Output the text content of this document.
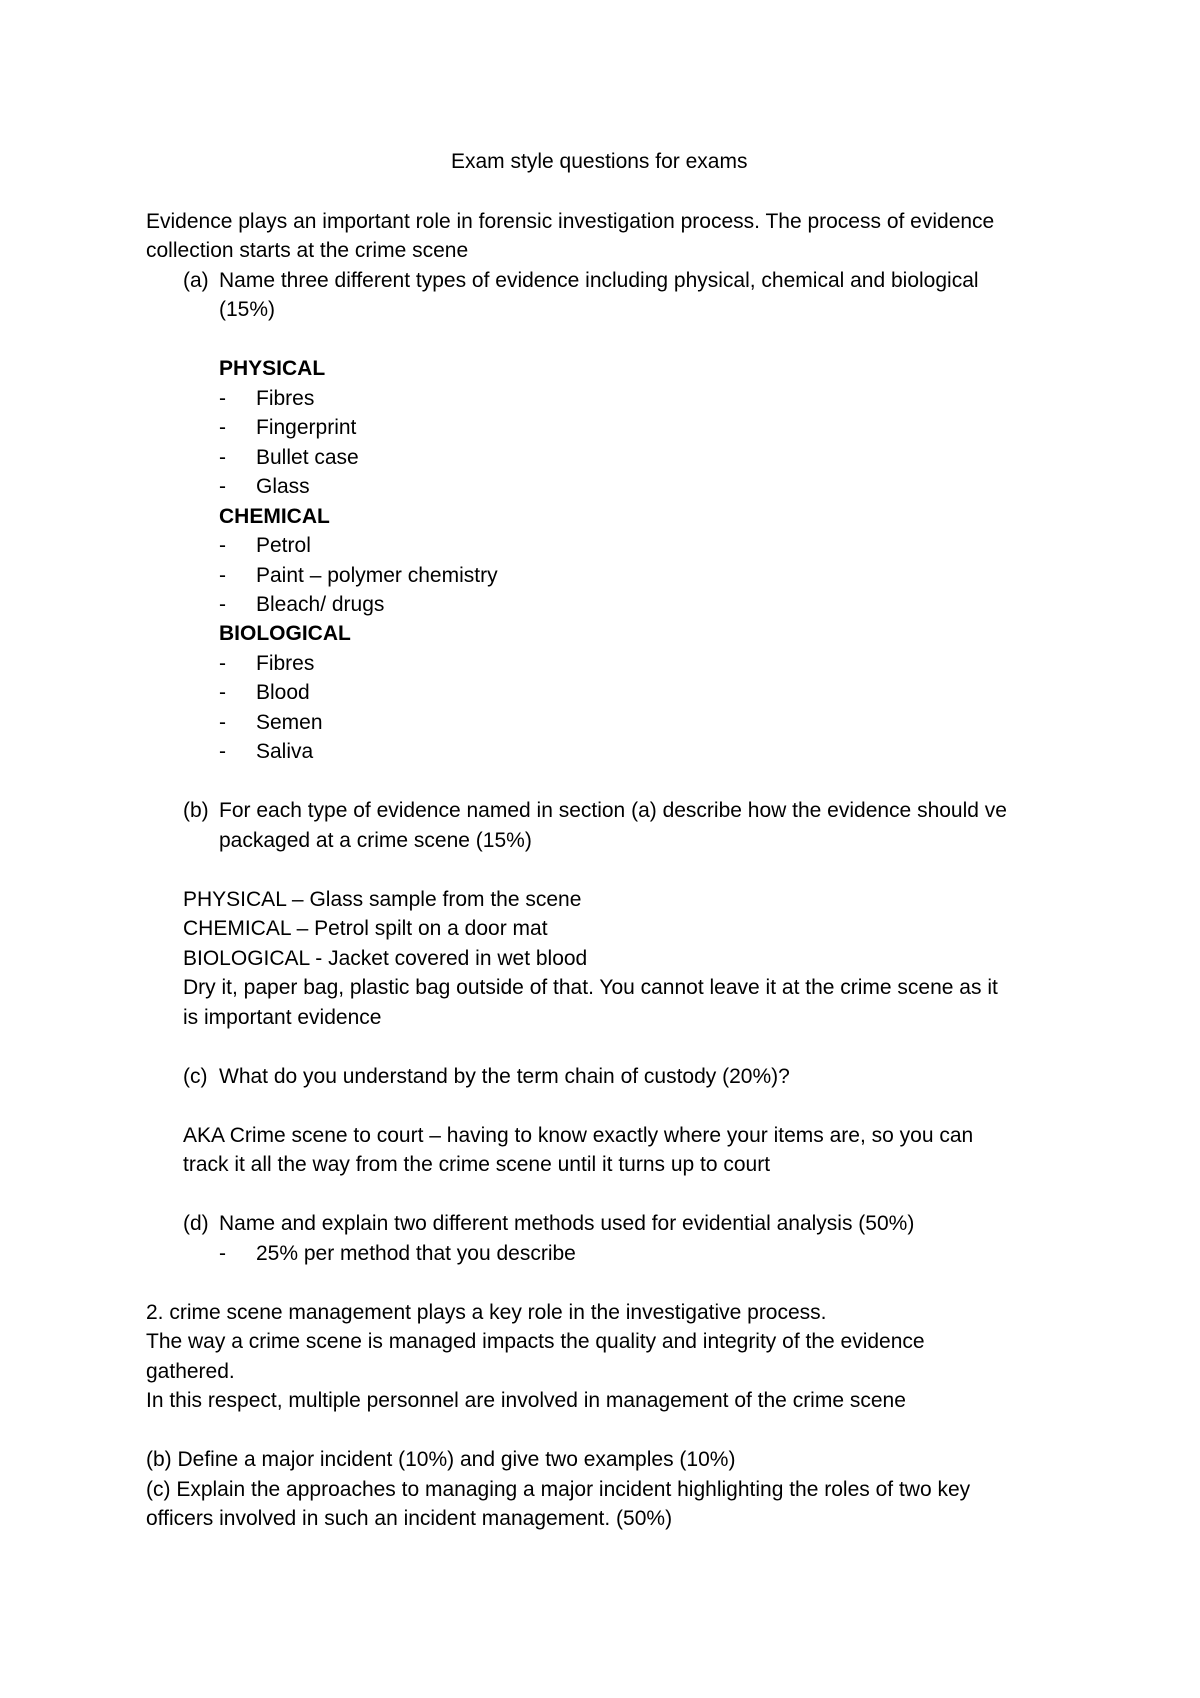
Exam style questions for exams
Evidence plays an important role in forensic investigation process. The process of evidence
collection starts at the crime scene
(a) Name three different types of evidence including physical, chemical and biological
(15%)
PHYSICAL
- Fibres
- Fingerprint
- Bullet case
- Glass
CHEMICAL
- Petrol
- Paint – polymer chemistry
- Bleach/ drugs
BIOLOGICAL
- Fibres
- Blood
- Semen
- Saliva
(b) For each type of evidence named in section (a) describe how the evidence should ve
packaged at a crime scene (15%)
PHYSICAL – Glass sample from the scene
CHEMICAL – Petrol spilt on a door mat
BIOLOGICAL - Jacket covered in wet blood
Dry it, paper bag, plastic bag outside of that. You cannot leave it at the crime scene as it
is important evidence
(c) What do you understand by the term chain of custody (20%)?
AKA Crime scene to court – having to know exactly where your items are, so you can
track it all the way from the crime scene until it turns up to court
(d) Name and explain two different methods used for evidential analysis (50%)
- 25% per method that you describe
2. crime scene management plays a key role in the investigative process.
The way a crime scene is managed impacts the quality and integrity of the evidence
gathered.
In this respect, multiple personnel are involved in management of the crime scene
(b) Define a major incident (10%) and give two examples (10%)
(c) Explain the approaches to managing a major incident highlighting the roles of two key
officers involved in such an incident management. (50%)
